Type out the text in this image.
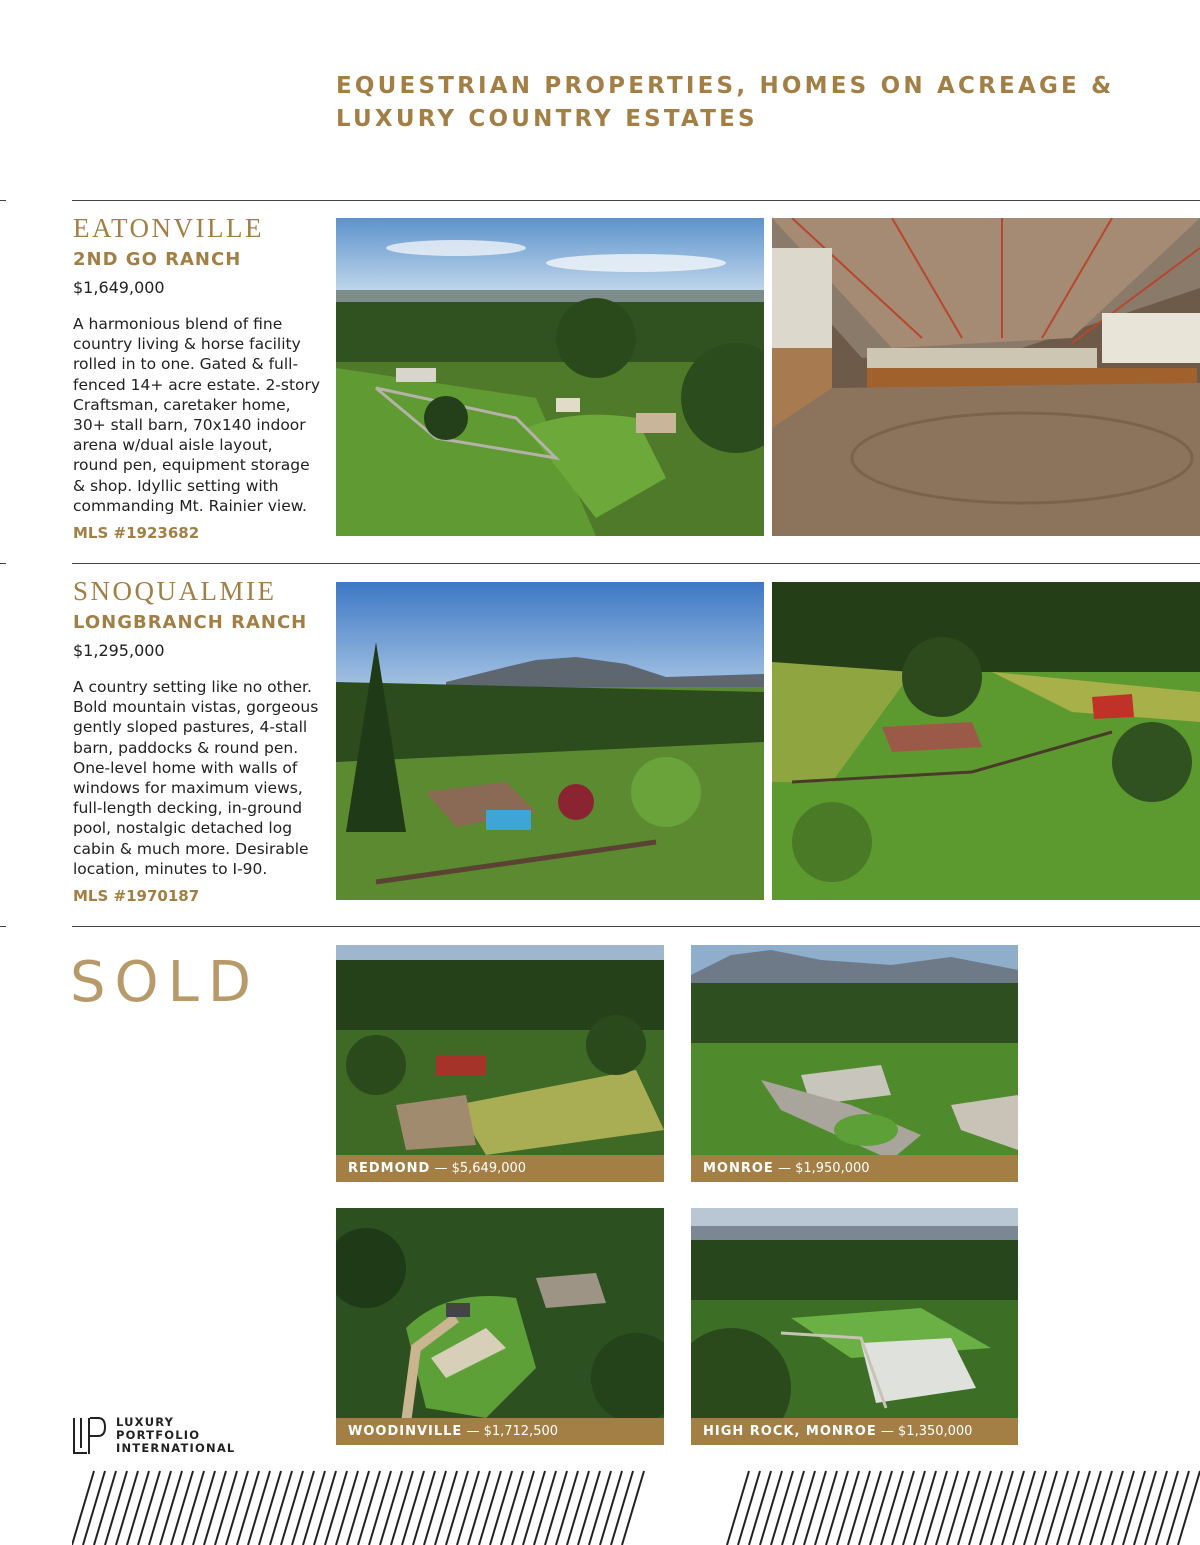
EQUESTRIAN PROPERTIES, HOMES ON ACREAGE &
LUXURY COUNTRY ESTATES
EATONVILLE
2ND GO RANCH
$1,649,000
A harmonious blend of fine
country living & horse facility
rolled in to one. Gated & full-
fenced 14+ acre estate. 2-story
Craftsman, caretaker home,
30+ stall barn, 70x140 indoor
arena w/dual aisle layout,
round pen, equipment storage
& shop. Idyllic setting with
commanding Mt. Rainier view.
MLS #1923682
SNOQUALMIE
LONGBRANCH RANCH
$1,295,000
A country setting like no other.
Bold mountain vistas, gorgeous
gently sloped pastures, 4-stall
barn, paddocks & round pen.
One-level home with walls of
windows for maximum views,
full-length decking, in-ground
pool, nostalgic detached log
cabin & much more. Desirable
location, minutes to I-90.
MLS #1970187
SOLD
REDMOND — $5,649,000	MONROE — $1,950,000
WOODINVILLE — $1,712,500	HIGH ROCK, MONROE — $1,350,000
LUXURY
PORTFOLIO
INTERNATIONAL
